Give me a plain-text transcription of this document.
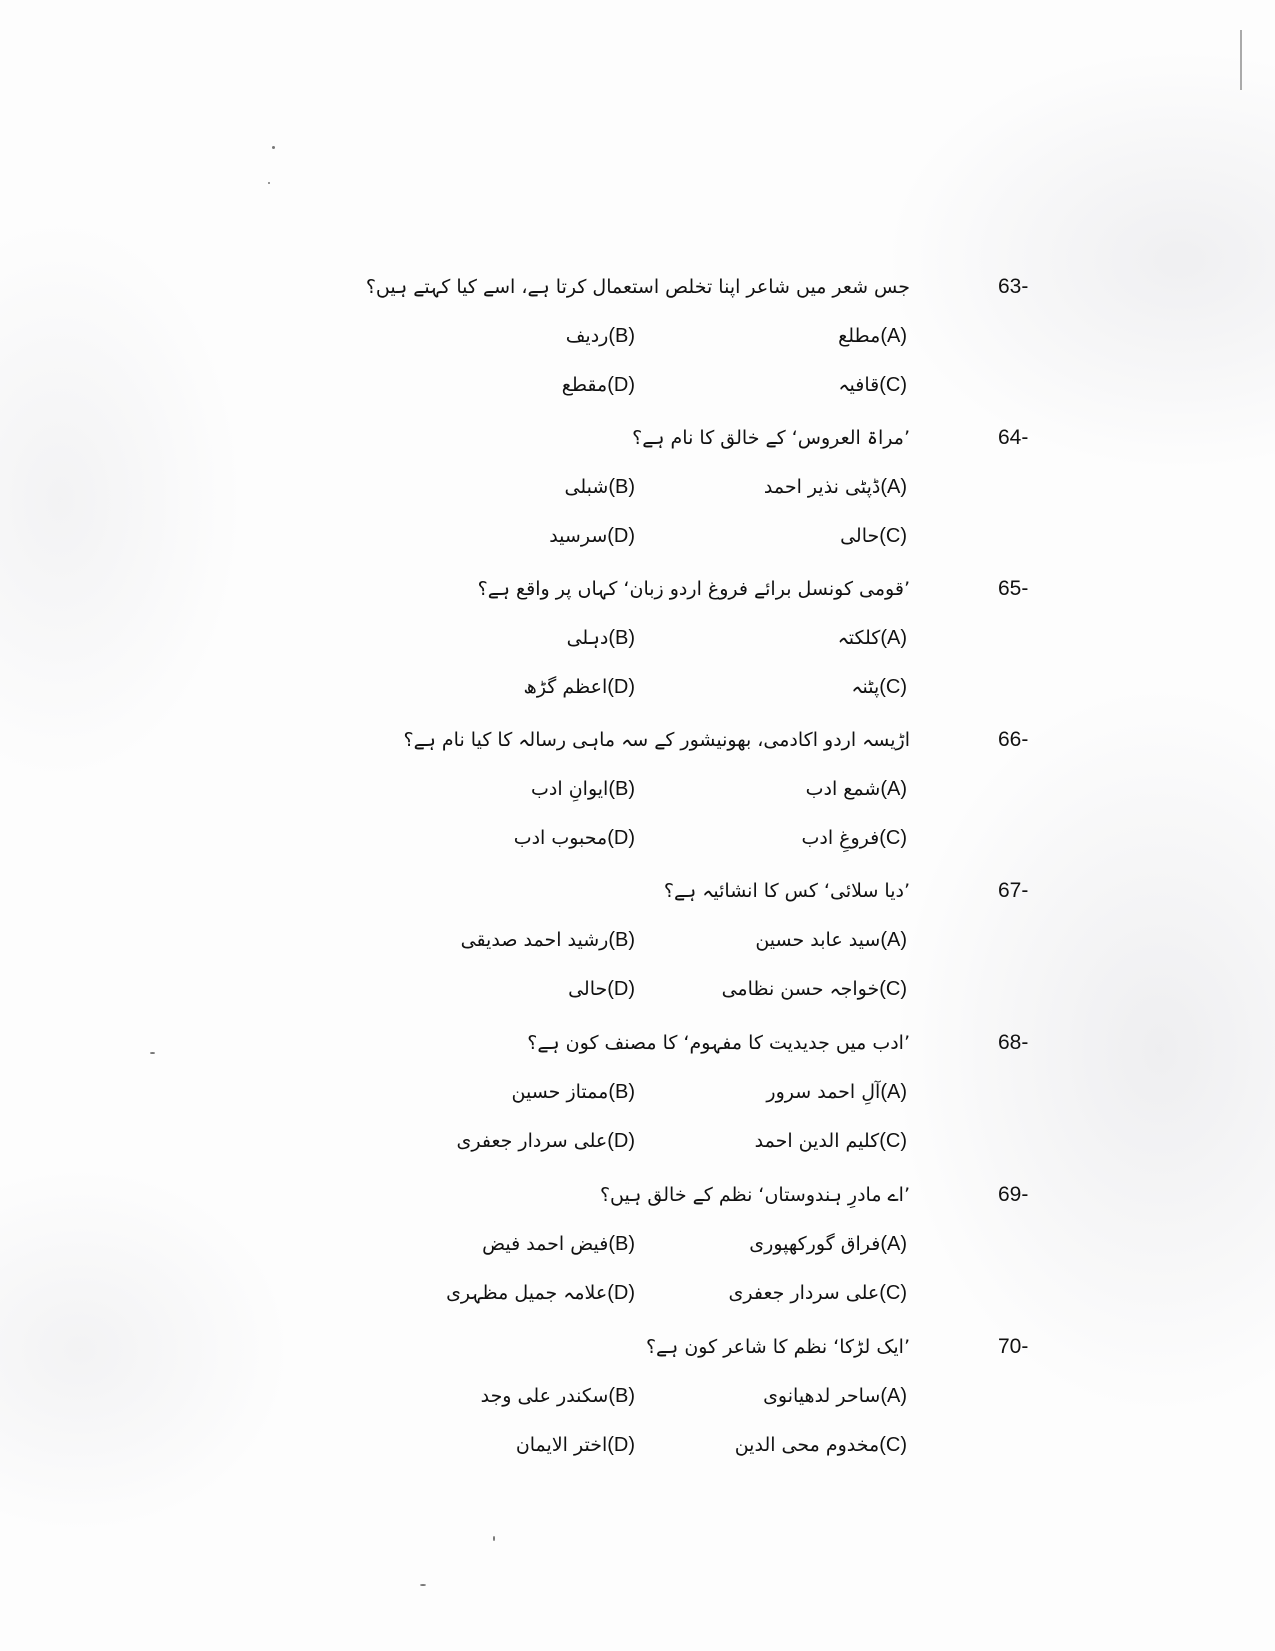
63-
جس شعر میں شاعر اپنا تخلص استعمال کرتا ہے، اسے کیا کہتے ہیں؟
(A)مطلع
(B)ردیف
(C)قافیہ
(D)مقطع
64-
’مراۃ العروس‘ کے خالق کا نام ہے؟
(A)ڈپٹی نذیر احمد
(B)شبلی
(C)حالی
(D)سرسید
65-
’قومی کونسل برائے فروغ اردو زبان‘ کہاں پر واقع ہے؟
(A)کلکتہ
(B)دہلی
(C)پٹنہ
(D)اعظم گڑھ
66-
اڑیسہ اردو اکادمی، بھونیشور کے سہ ماہی رسالہ کا کیا نام ہے؟
(A)شمع ادب
(B)ایوانِ ادب
(C)فروغِ ادب
(D)محبوب ادب
67-
’دیا سلائی‘ کس کا انشائیہ ہے؟
(A)سید عابد حسین
(B)رشید احمد صدیقی
(C)خواجہ حسن نظامی
(D)حالی
68-
’ادب میں جدیدیت کا مفہوم‘ کا مصنف کون ہے؟
(A)آلِ احمد سرور
(B)ممتاز حسین
(C)کلیم الدین احمد
(D)علی سردار جعفری
69-
’اے مادرِ ہندوستاں‘ نظم کے خالق ہیں؟
(A)فراق گورکھپوری
(B)فیض احمد فیض
(C)علی سردار جعفری
(D)علامہ جمیل مظہری
70-
’ایک لڑکا‘ نظم کا شاعر کون ہے؟
(A)ساحر لدھیانوی
(B)سکندر علی وجد
(C)مخدوم محی الدین
(D)اختر الایمان
